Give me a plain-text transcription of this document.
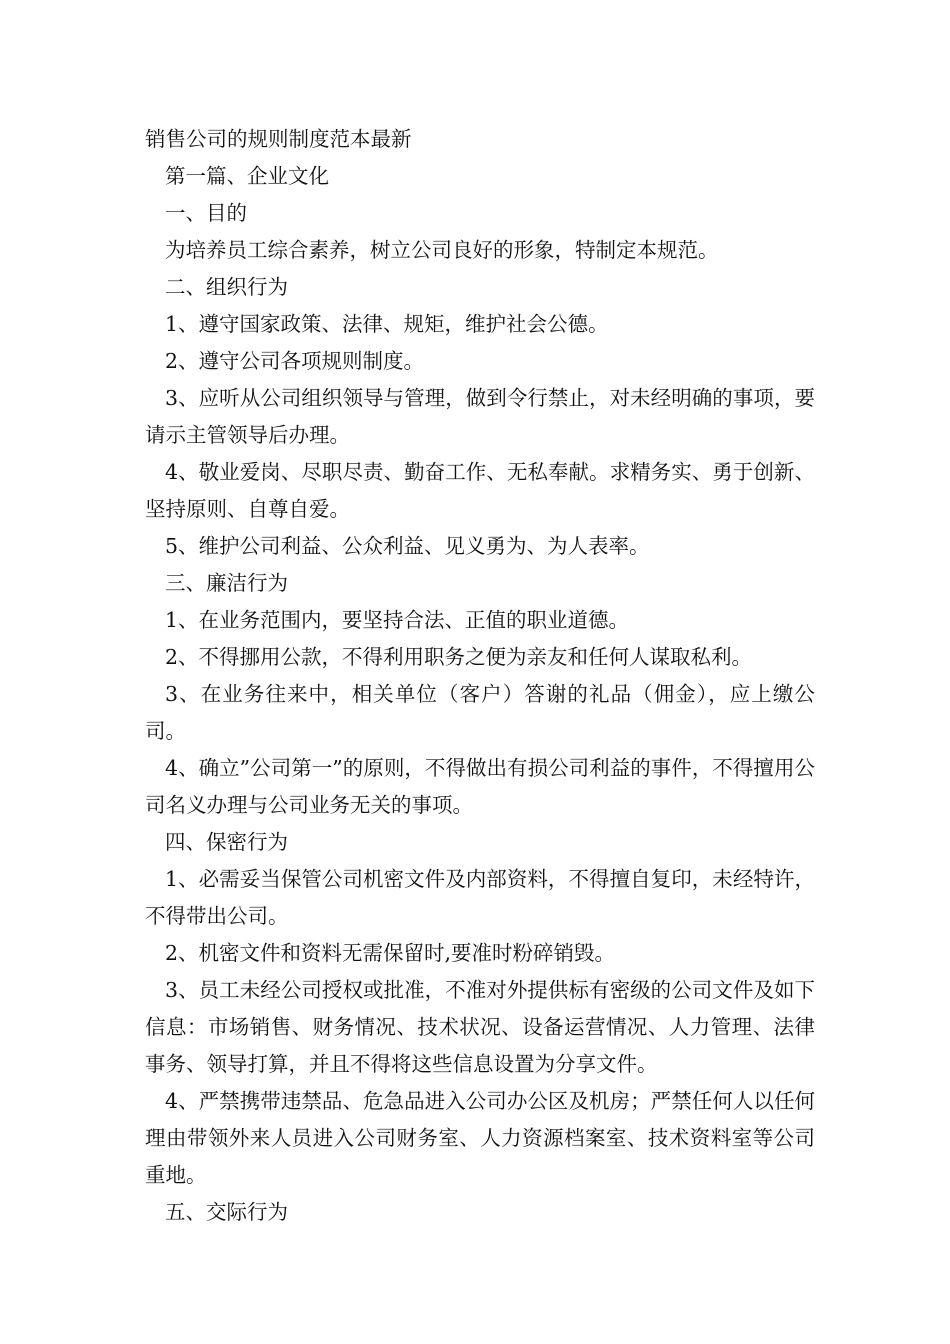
销售公司的规则制度范本最新

第一篇、企业文化

一、目的

为培养员工综合素养，树立公司良好的形象，特制定本规范。

二、组织行为

1、遵守国家政策、法律、规矩，维护社会公德。

2、遵守公司各项规则制度。

3、应听从公司组织领导与管理，做到令行禁止，对未经明确的事项，要请示主管领导后办理。

4、敬业爱岗、尽职尽责、勤奋工作、无私奉献。求精务实、勇于创新、坚持原则、自尊自爱。

5、维护公司利益、公众利益、见义勇为、为人表率。

三、廉洁行为

1、在业务范围内，要坚持合法、正值的职业道德。

2、不得挪用公款，不得利用职务之便为亲友和任何人谋取私利。

3、在业务往来中，相关单位（客户）答谢的礼品（佣金），应上缴公司。

4、确立”公司第一”的原则，不得做出有损公司利益的事件，不得擅用公司名义办理与公司业务无关的事项。

四、保密行为

1、必需妥当保管公司机密文件及内部资料，不得擅自复印，未经特许，不得带出公司。

2、机密文件和资料无需保留时,要准时粉碎销毁。

3、员工未经公司授权或批准，不准对外提供标有密级的公司文件及如下信息：市场销售、财务情况、技术状况、设备运营情况、人力管理、法律事务、领导打算，并且不得将这些信息设置为分享文件。

4、严禁携带违禁品、危急品进入公司办公区及机房；严禁任何人以任何理由带领外来人员进入公司财务室、人力资源档案室、技术资料室等公司重地。

五、交际行为
